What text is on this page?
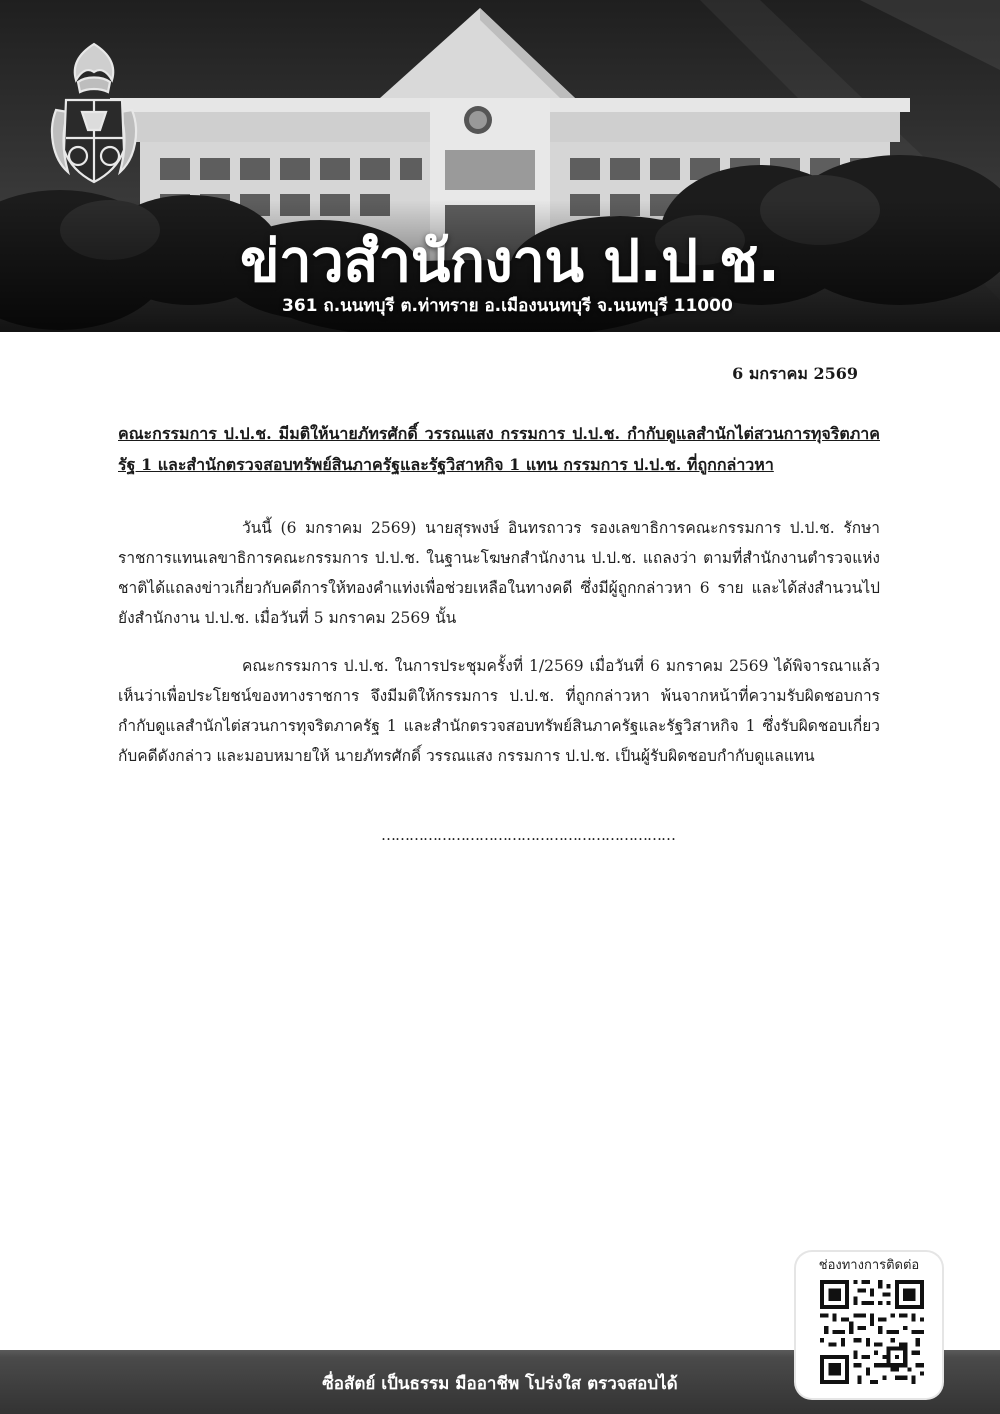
ข่าวสำนักงาน ป.ป.ช.

361 ถ.นนทบุรี ต.ท่าทราย อ.เมืองนนทบุรี จ.นนทบุรี 11000

6 มกราคม 2569
คณะกรรมการ ป.ป.ช. มีมติให้นายภัทรศักดิ์ วรรณแสง กรรมการ ป.ป.ช. กำกับดูแลสำนักไต่สวนการทุจริตภาครัฐ 1 และสำนักตรวจสอบทรัพย์สินภาครัฐและรัฐวิสาหกิจ 1 แทน กรรมการ ป.ป.ช. ที่ถูกกล่าวหา

วันนี้ (6 มกราคม 2569) นายสุรพงษ์ อินทรถาวร รองเลขาธิการคณะกรรมการ ป.ป.ช. รักษาราชการแทนเลขาธิการคณะกรรมการ ป.ป.ช. ในฐานะโฆษกสำนักงาน ป.ป.ช. แถลงว่า ตามที่สำนักงานตำรวจแห่งชาติได้แถลงข่าวเกี่ยวกับคดีการให้ทองคำแท่งเพื่อช่วยเหลือในทางคดี ซึ่งมีผู้ถูกกล่าวหา 6 ราย และได้ส่งสำนวนไปยังสำนักงาน ป.ป.ช. เมื่อวันที่ 5 มกราคม 2569 นั้น

คณะกรรมการ ป.ป.ช. ในการประชุมครั้งที่ 1/2569 เมื่อวันที่ 6 มกราคม 2569 ได้พิจารณาแล้วเห็นว่าเพื่อประโยชน์ของทางราชการ จึงมีมติให้กรรมการ ป.ป.ช. ที่ถูกกล่าวหา พ้นจากหน้าที่ความรับผิดชอบการกำกับดูแลสำนักไต่สวนการทุจริตภาครัฐ 1 และสำนักตรวจสอบทรัพย์สินภาครัฐและรัฐวิสาหกิจ 1 ซึ่งรับผิดชอบเกี่ยวกับคดีดังกล่าว และมอบหมายให้ นายภัทรศักดิ์ วรรณแสง กรรมการ ป.ป.ช. เป็นผู้รับผิดชอบกำกับดูแลแทน

………………………………………………………
ซื่อสัตย์ เป็นธรรม มืออาชีพ โปร่งใส ตรวจสอบได้
ช่องทางการติดต่อ
